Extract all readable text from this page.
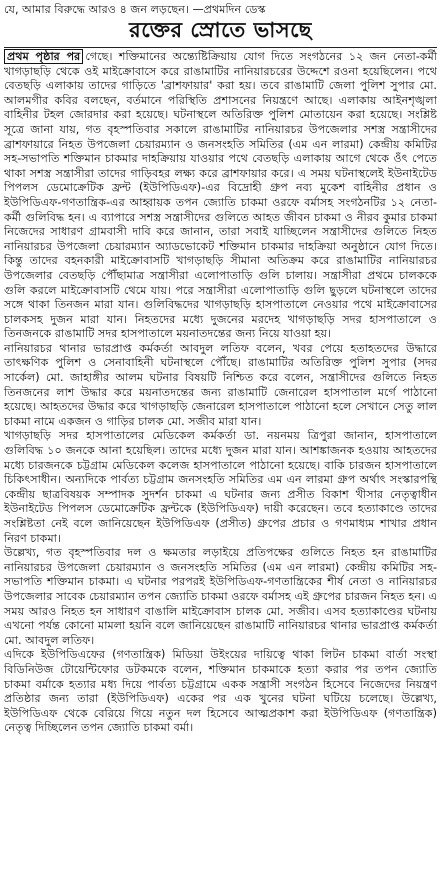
যে, আমার বিরুদ্ধে আরও ৪ জন লড়ছেন। —প্রথমদিন ডেস্ক
রক্তের স্রোতে ভাসছে

প্রথম পৃষ্ঠার পর গেছে। শক্তিমানের অন্ত্যেষ্টিক্রিয়ায় যোগ দিতে সংগঠনের ১২ জন নেতা-কর্মী খাগড়াছড়ি থেকে ওই মাইক্রোবাসে করে রাঙামাটির নানিয়ারচরের উদ্দেশে রওনা হয়েছিলেন। পথে বেতছড়ি এলাকায় তাদের গাড়িতে 'ব্রাশফায়ার' করা হয়। তবে রাঙামাটি জেলা পুলিশ সুপার মো. আলমগীর কবির বলছেন, বর্তমানে পরিস্থিতি প্রশাসনের নিয়ন্ত্রণে আছে। এলাকায় আইনশৃঙ্খলা বাহিনীর টহল জোরদার করা হয়েছে। ঘটনাস্থলে অতিরিক্ত পুলিশ মোতায়েন করা হয়েছে। সংশ্লিষ্ট সূত্রে জানা যায়, গত বৃহস্পতিবার সকালে রাঙামাটির নানিয়ারচর উপজেলার সশস্ত্র সন্ত্রাসীদের ব্রাশফায়ারে নিহত উপজেলা চেয়ারম্যান ও জনসংহতি সমিতির (এম এন লারমা) কেন্দ্রীয় কমিটির সহ-সভাপতি শক্তিমান চাকমার দাহক্রিয়ায় যাওয়ার পথে বেতছড়ি এলাকায় আগে থেকে ওঁৎ পেতে থাকা সশস্ত্র সন্ত্রাসীরা তাদের গাড়িবহর লক্ষ্য করে ব্রাশফায়ার করে। এ সময় ঘটনাস্থলেই ইউনাইটেড পিপলস ডেমোক্রেটিক ফ্রন্ট (ইউপিডিএফ)-এর বিদ্রোহী গ্রুপ নব্য মুকেশ বাহিনীর প্রধান ও ইউপিডিএফ-গণতান্ত্রিক-এর আহ্বায়ক তপন জ্যোতি চাকমা ওরফে বর্মাসহ সংগঠনটির ১২ নেতা-কর্মী গুলিবিদ্ধ হন। এ ব্যাপারে সশস্ত্র সন্ত্রাসীদের গুলিতে আহত জীবন চাকমা ও নীরব কুমার চাকমা নিজেদের সাধারণ গ্রামবাসী দাবি করে জানান, তারা সবাই যাচ্ছিলেন সন্ত্রাসীদের গুলিতে নিহত নানিয়ারচর উপজেলা চেয়ারম্যান অ্যাডভোকেট শক্তিমান চাকমার দাহক্রিয়া অনুষ্ঠানে যোগ দিতে। কিন্তু তাদের বহনকারী মাইক্রোবাসটি খাগড়াছড়ি সীমানা অতিক্রম করে রাঙামাটির নানিয়ারচর উপজেলার বেতছড়ি পৌঁছামাত্র সন্ত্রাসীরা এলোপাতাড়ি গুলি চালায়। সন্ত্রাসীরা প্রথমে চালককে গুলি করলে মাইক্রোবাসটি থেমে যায়। পরে সন্ত্রাসীরা এলোপাতাড়ি গুলি ছুড়লে ঘটনাস্থলে তাদের সঙ্গে থাকা তিনজন মারা যান। গুলিবিদ্ধদের খাগড়াছড়ি হাসপাতালে নেওয়ার পথে মাইক্রোবাসের চালকসহ দুজন মারা যান। নিহতদের মধ্যে দুজনের মরদেহ খাগড়াছড়ি সদর হাসপাতালে ও তিনজনকে রাঙামাটি সদর হাসপাতালে ময়নাতদন্তের জন্য নিয়ে যাওয়া হয়।

নানিয়ারচর থানার ভারপ্রাপ্ত কর্মকর্তা আবদুল লতিফ বলেন, খবর পেয়ে হতাহতদের উদ্ধারে তাৎক্ষণিক পুলিশ ও সেনাবাহিনী ঘটনাস্থলে পৌঁছে। রাঙামাটির অতিরিক্ত পুলিশ সুপার (সদর সার্কেল) মো. জাহাঙ্গীর আলম ঘটনার বিষয়টি নিশ্চিত করে বলেন, সন্ত্রাসীদের গুলিতে নিহত তিনজনের লাশ উদ্ধার করে ময়নাতদন্তের জন্য রাঙামাটি জেনারেল হাসপাতাল মর্গে পাঠানো হয়েছে। আহতদের উদ্ধার করে খাগড়াছড়ি জেনারেল হাসপাতালে পাঠানো হলে সেখানে সেতু লাল চাকমা নামে একজন ও গাড়ির চালক মো. সজীব মারা যান।

খাগড়াছড়ি সদর হাসপাতালের মেডিকেল কর্মকর্তা ডা. নয়নময় ত্রিপুরা জানান, হাসপাতালে গুলিবিদ্ধ ১০ জনকে আনা হয়েছিল। তাদের মধ্যে দুজন মারা যান। আশঙ্কাজনক হওয়ায় আহতদের মধ্যে চারজনকে চট্টগ্রাম মেডিকেল কলেজ হাসপাতালে পাঠানো হয়েছে। বাকি চারজন হাসপাতালে চিকিৎসাধীন। অন্যদিকে পার্বত্য চট্টগ্রাম জনসংহতি সমিতির এম এন লারমা গ্রুপ অর্থাৎ সংস্কারপন্থি কেন্দ্রীয় ছাত্রবিষয়ক সম্পাদক সুদর্শন চাকমা এ ঘটনার জন্য প্রসীত বিকাশ খীসার নেতৃত্বাধীন ইউনাইটেড পিপলস ডেমোক্রেটিক ফ্রন্টকে (ইউপিডিএফ) দায়ী করেছেন। তবে হত্যাকাণ্ডে তাদের সংশ্লিষ্টতা নেই বলে জানিয়েছেন ইউপিডিএফ (প্রসীত) গ্রুপের প্রচার ও গণমাধ্যম শাখার প্রধান নিরণ চাকমা।

উল্লেখ্য, গত বৃহস্পতিবার দল ও ক্ষমতার লড়াইয়ে প্রতিপক্ষের গুলিতে নিহত হন রাঙামাটির নানিয়ারচর উপজেলা চেয়ারম্যান ও জনসংহতি সমিতির (এম এন লারমা) কেন্দ্রীয় কমিটির সহ-সভাপতি শক্তিমান চাকমা। এ ঘটনার পরপরই ইউপিডিএফ-গণতান্ত্রিকের শীর্ষ নেতা ও নানিয়ারচর উপজেলার সাবেক চেয়ারম্যান তপন জ্যোতি চাকমা ওরফে বর্মাসহ এই গ্রুপের চারজন নিহত হন। এ সময় আরও নিহত হন সাধারণ বাঙালি মাইক্রোবাস চালক মো. সজীব। এসব হত্যাকাণ্ডের ঘটনায় এখনো পর্যন্ত কোনো মামলা হয়নি বলে জানিয়েছেন রাঙামাটি নানিয়ারচর থানার ভারপ্রাপ্ত কর্মকর্তা মো. আবদুল লতিফ।

এদিকে ইউপিডিএফের (গণতান্ত্রিক) মিডিয়া উইংয়ের দায়িত্বে থাকা লিটন চাকমা বার্তা সংস্থা বিডিনিউজ টোয়েন্টিফোর ডটকমকে বলেন, শক্তিমান চাকমাকে হত্যা করার পর তপন জ্যোতি চাকমা বর্মাকে হত্যার মধ্য দিয়ে পার্বত্য চট্টগ্রামে একক সন্ত্রাসী সংগঠন হিসেবে নিজেদের নিয়ন্ত্রণ প্রতিষ্ঠার জন্য তারা (ইউপিডিএফ) একের পর এক খুনের ঘটনা ঘটিয়ে চলেছে। উল্লেখ্য, ইউপিডিএফ থেকে বেরিয়ে গিয়ে নতুন দল হিসেবে আত্মপ্রকাশ করা ইউপিডিএফ (গণতান্ত্রিক) নেতৃত্ব দিচ্ছিলেন তপন জ্যোতি চাকমা বর্মা।
